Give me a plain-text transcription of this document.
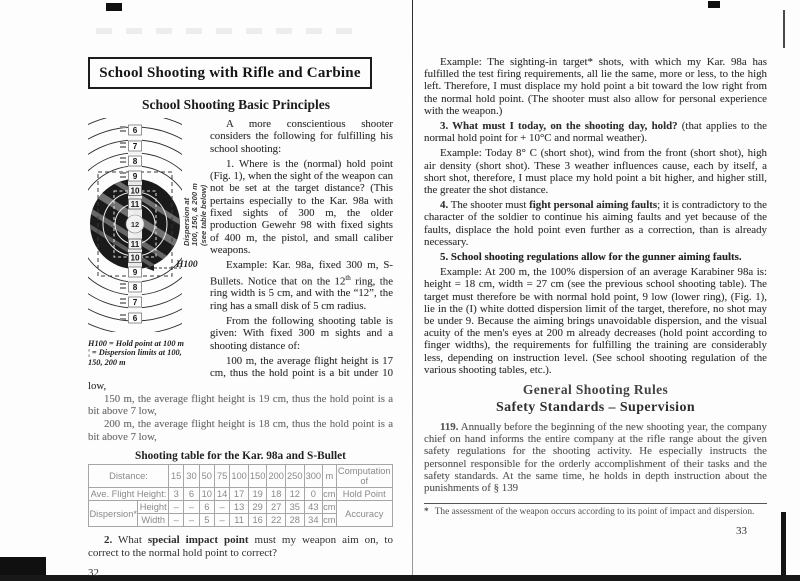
School Shooting with Rifle and Carbine
School Shooting Basic Principles
6
7
8
9
10
11
12
11
10
9
8
7
6
Dispersion at 100, 150, & 200 m (see table below)
H100
H100 = Hold point at 100 m
¦ = Dispersion limits at 100,
150, 200 m

A more conscientious shooter considers the following for fulfilling his school shooting:

1. Where is the (normal) hold point (Fig. 1), when the sight of the weapon can not be set at the target distance? (This pertains especially to the Kar. 98a with fixed sights of 300 m, the older production Gewehr 98 with fixed sights of 400 m, the pistol, and small caliber weapons.

Example: Kar. 98a, fixed 300 m, S-Bullets. Notice that on the 12th ring, the ring width is 5 cm, and with the “12”, the ring has a small disk of 5 cm radius.

From the following shooting table is given: With fixed 300 m sights and a shooting distance of:

100 m, the average flight height is 17 cm, thus the hold point is a bit under 10 low,

150 m, the average flight height is 19 cm, thus the hold point is a bit above 7 low,

200 m, the average flight height is 18 cm, thus the hold point is a bit above 7 low,

Shooting table for the Kar. 98a and S-Bullet
Distance:		15	30	50	75	100	150	200	250	300	m	Computation of
Ave. Flight Height:		3	6	10	14	17	19	18	12	0	cm	Hold Point
Dispersion*	Height	–	–	6	–	13	29	27	35	43	cm	Accuracy
	Width	–	–	5	–	11	16	22	28	34	cm	

2. What special impact point must my weapon aim on, to correct to the normal hold point to correct?

32

Example: The sighting-in target* shots, with which my Kar. 98a has fulfilled the test firing requirements, all lie the same, more or less, to the high left. Therefore, I must displace my hold point a bit toward the low right from the normal hold point. (The shooter must also allow for personal experience with the weapon.)

3. What must I today, on the shooting day, hold? (that applies to the normal hold point for + 10°C and normal weather).

Example: Today 8° C (short shot), wind from the front (short shot), high air density (short shot). These 3 weather influences cause, each by itself, a short shot, therefore, I must place my hold point a bit higher, and higher still, the greater the shot distance.

4. The shooter must fight personal aiming faults; it is contradictory to the character of the soldier to continue his aiming faults and yet because of the faults, displace the hold point even further as a correction, than is already necessary.

5. School shooting regulations allow for the gunner aiming faults.

Example: At 200 m, the 100% dispersion of an average Karabiner 98a is: height = 18 cm, width = 27 cm (see the previous school shooting table). The target must therefore be with normal hold point, 9 low (lower ring), (Fig. 1), lie in the (I) white dotted dispersion limit of the target, therefore, no shot may be under 9. Because the aiming brings unavoidable dispersion, and the visual acuity of the men's eyes at 200 m already decreases (hold point according to finger widths), the requirements for fulfilling the training are considerably less, depending on instruction level. (See school shooting regulation of the various shooting tables, etc.).

General Shooting Rules
Safety Standards – Supervision

119. Annually before the beginning of the new shooting year, the company chief on hand informs the entire company at the rifle range about the given safety regulations for the shooting activity. He especially instructs the personnel responsible for the orderly accomplishment of their tasks and the safety standards. At the same time, he holds in depth instruction about the punishments of § 139

* The assessment of the weapon occurs according to its point of impact and dispersion.
33
